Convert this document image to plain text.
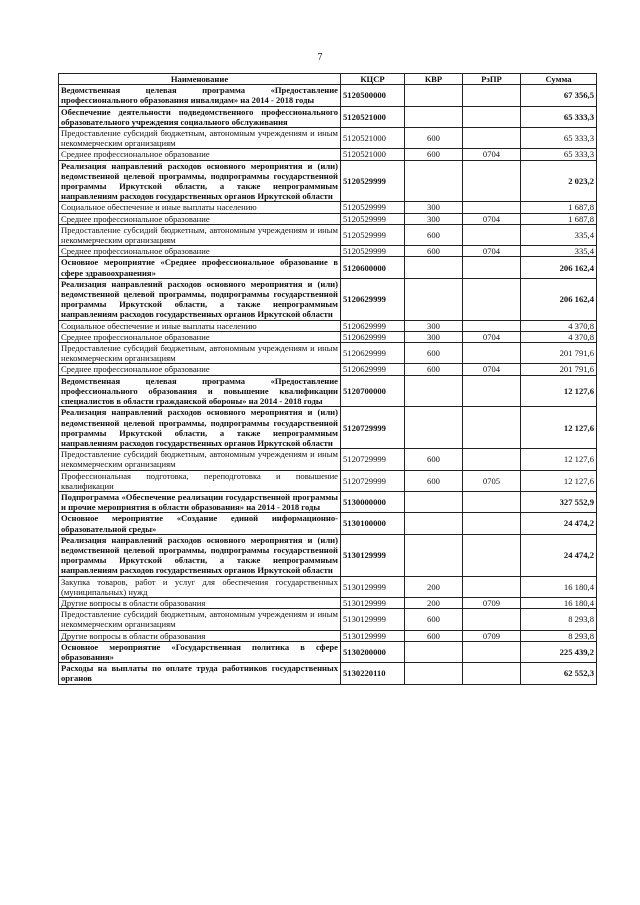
7
Наименование	КЦСР	КВР	РзПР	Сумма
Ведомственная целевая программа «Предоставление профессионального образования инвалидам» на 2014 - 2018 годы	5120500000			67 356,5
Обеспечение деятельности подведомственного профессионального образовательного учреждения социального обслуживания	5120521000			65 333,3
Предоставление субсидий бюджетным, автономным учреждениям и иным некоммерческим организациям	5120521000	600		65 333,3
Среднее профессиональное образование	5120521000	600	0704	65 333,3
Реализация направлений расходов основного мероприятия и (или) ведомственной целевой программы, подпрограммы государственной программы Иркутской области, а также непрограммным направлениям расходов государственных органов Иркутской области	5120529999			2 023,2
Социальное обеспечение и иные выплаты населению	5120529999	300		1 687,8
Среднее профессиональное образование	5120529999	300	0704	1 687,8
Предоставление субсидий бюджетным, автономным учреждениям и иным некоммерческим организациям	5120529999	600		335,4
Среднее профессиональное образование	5120529999	600	0704	335,4
Основное мероприятие «Среднее профессиональное образование в сфере здравоохранения»	5120600000			206 162,4
Реализация направлений расходов основного мероприятия и (или) ведомственной целевой программы, подпрограммы государственной программы Иркутской области, а также непрограммным направлениям расходов государственных органов Иркутской области	5120629999			206 162,4
Социальное обеспечение и иные выплаты населению	5120629999	300		4 370,8
Среднее профессиональное образование	5120629999	300	0704	4 370,8
Предоставление субсидий бюджетным, автономным учреждениям и иным некоммерческим организациям	5120629999	600		201 791,6
Среднее профессиональное образование	5120629999	600	0704	201 791,6
Ведомственная целевая программа «Предоставление профессионального образования и повышение квалификации специалистов в области гражданской обороны» на 2014 - 2018 годы	5120700000			12 127,6
Реализация направлений расходов основного мероприятия и (или) ведомственной целевой программы, подпрограммы государственной программы Иркутской области, а также непрограммным направлениям расходов государственных органов Иркутской области	5120729999			12 127,6
Предоставление субсидий бюджетным, автономным учреждениям и иным некоммерческим организациям	5120729999	600		12 127,6
Профессиональная подготовка, переподготовка и повышение квалификации	5120729999	600	0705	12 127,6
Подпрограмма «Обеспечение реализации государственной программы и прочие мероприятия в области образования» на 2014 - 2018 годы	5130000000			327 552,9
Основное мероприятие «Создание единой информационно-образовательной среды»	5130100000			24 474,2
Реализация направлений расходов основного мероприятия и (или) ведомственной целевой программы, подпрограммы государственной программы Иркутской области, а также непрограммным направлениям расходов государственных органов Иркутской области	5130129999			24 474,2
Закупка товаров, работ и услуг для обеспечения государственных (муниципальных) нужд	5130129999	200		16 180,4
Другие вопросы в области образования	5130129999	200	0709	16 180,4
Предоставление субсидий бюджетным, автономным учреждениям и иным некоммерческим организациям	5130129999	600		8 293,8
Другие вопросы в области образования	5130129999	600	0709	8 293,8
Основное мероприятие «Государственная политика в сфере образования»	5130200000			225 439,2
Расходы на выплаты по оплате труда работников государственных органов	5130220110			62 552,3
